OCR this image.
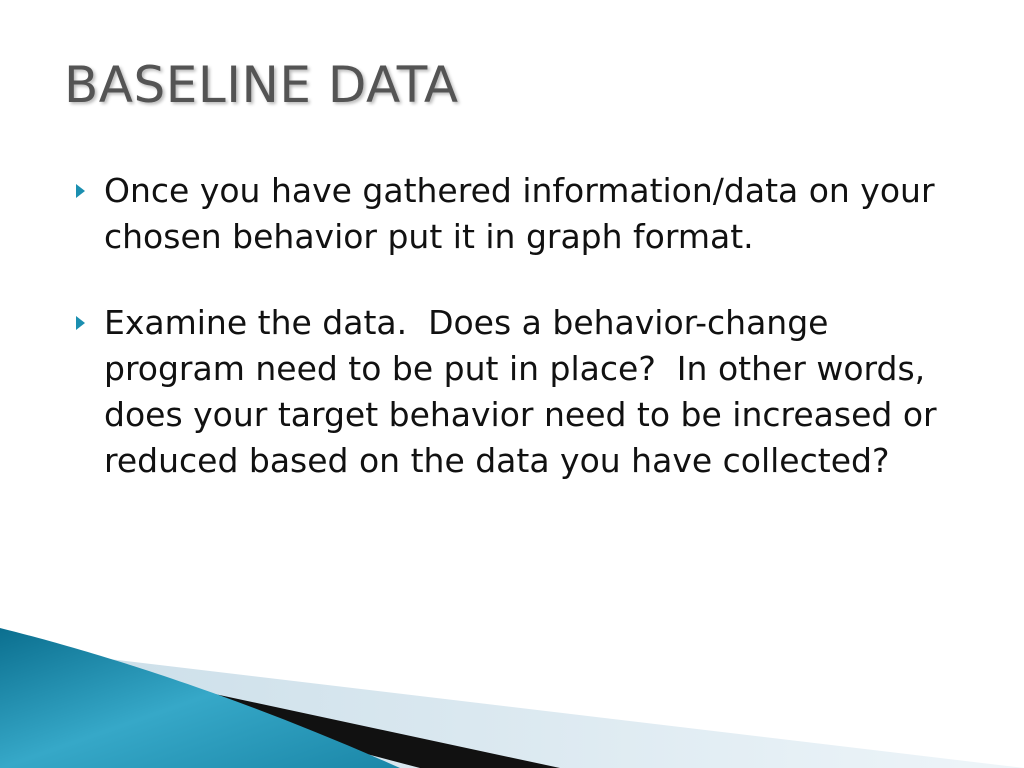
BASELINE DATA
Once you have gathered information/data on your chosen behavior put it in graph format.
Examine the data.  Does a behavior-change program need to be put in place?  In other words, does your target behavior need to be increased or reduced based on the data you have collected?
